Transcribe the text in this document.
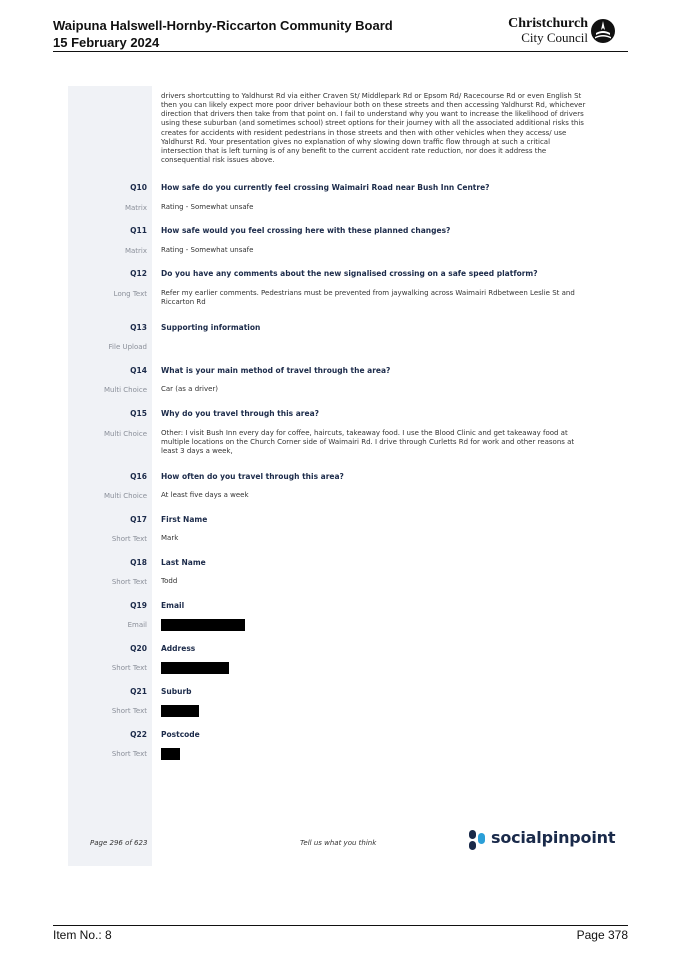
Waipuna Halswell-Hornby-Riccarton Community Board
15 February 2024
Christchurch
City Council

drivers shortcutting to Yaldhurst Rd via either Craven St/ Middlepark Rd or Epsom Rd/ Racecourse Rd or even English St then you can likely expect more poor driver behaviour both on these streets and then accessing Yaldhurst Rd, whichever direction that drivers then take from that point on. I fail to understand why you want to increase the likelihood of drivers using these suburban (and sometimes school) street options for their journey with all the associated additional risks this creates for accidents with resident pedestrians in those streets and then with other vehicles when they access/ use Yaldhurst Rd. Your presentation gives no explanation of why slowing down traffic flow through at such a critical intersection that is left turning is of any benefit to the current accident rate reduction, nor does it address the consequential risk issues above.

Q10 How safe do you currently feel crossing Waimairi Road near Bush Inn Centre?
Matrix Rating - Somewhat unsafe
Q11 How safe would you feel crossing here with these planned changes?
Matrix Rating - Somewhat unsafe
Q12 Do you have any comments about the new signalised crossing on a safe speed platform?
Long Text Refer my earlier comments. Pedestrians must be prevented from jaywalking across Waimairi Rdbetween Leslie St and Riccarton Rd
Q13 Supporting information
File Upload
Q14 What is your main method of travel through the area?
Multi Choice Car (as a driver)
Q15 Why do you travel through this area?
Multi Choice Other: I visit Bush Inn every day for coffee, haircuts, takeaway food. I use the Blood Clinic and get takeaway food at multiple locations on the Church Corner side of Waimairi Rd. I drive through Curletts Rd for work and other reasons at least 3 days a week,
Q16 How often do you travel through this area?
Multi Choice At least five days a week
Q17 First Name
Short Text Mark
Q18 Last Name
Short Text Todd
Q19 Email
Email
Q20 Address
Short Text
Q21 Suburb
Short Text
Q22 Postcode
Short Text
Page 296 of 623	Tell us what you think	socialpinpoint
Item No.: 8	Page 378
